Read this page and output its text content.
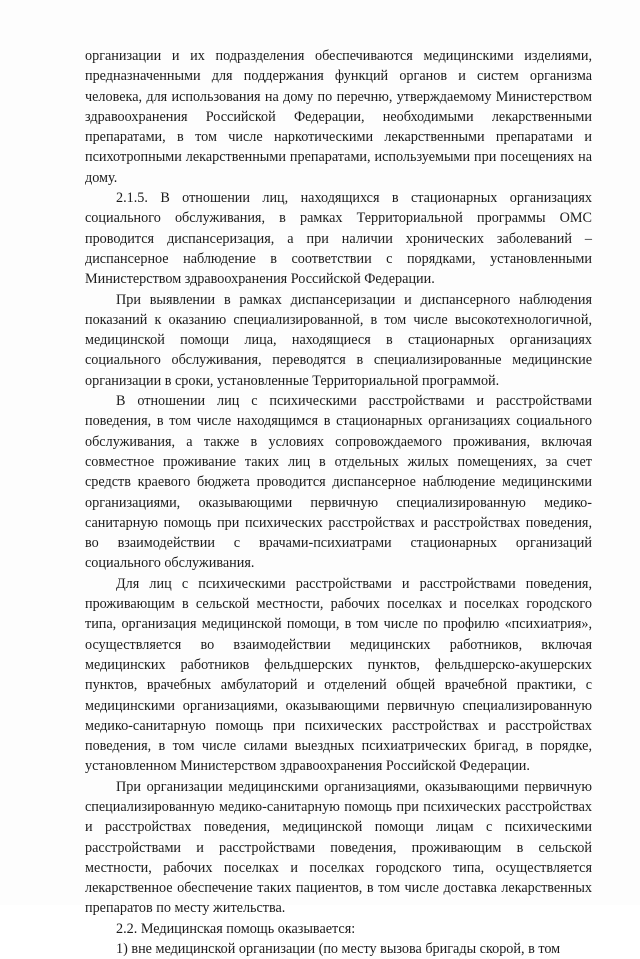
организации и их подразделения обеспечиваются медицинскими изделиями, предназначенными для поддержания функций органов и систем организма человека, для использования на дому по перечню, утверждаемому Министерством здравоохранения Российской Федерации, необходимыми лекарственными препаратами, в том числе наркотическими лекарственными препаратами и психотропными лекарственными препаратами, используемыми при посещениях на дому.

2.1.5. В отношении лиц, находящихся в стационарных организациях социального обслуживания, в рамках Территориальной программы ОМС проводится диспансеризация, а при наличии хронических заболеваний – диспансерное наблюдение в соответствии с порядками, установленными Министерством здравоохранения Российской Федерации.

При выявлении в рамках диспансеризации и диспансерного наблюдения показаний к оказанию специализированной, в том числе высокотехнологичной, медицинской помощи лица, находящиеся в стационарных организациях социального обслуживания, переводятся в специализированные медицинские организации в сроки, установленные Территориальной программой.

В отношении лиц с психическими расстройствами и расстройствами поведения, в том числе находящимся в стационарных организациях социального обслуживания, а также в условиях сопровождаемого проживания, включая совместное проживание таких лиц в отдельных жилых помещениях, за счет средств краевого бюджета проводится диспансерное наблюдение медицинскими организациями, оказывающими первичную специализированную медико-санитарную помощь при психических расстройствах и расстройствах поведения, во взаимодействии с врачами-психиатрами стационарных организаций социального обслуживания.

Для лиц с психическими расстройствами и расстройствами поведения, проживающим в сельской местности, рабочих поселках и поселках городского типа, организация медицинской помощи, в том числе по профилю «психиатрия», осуществляется во взаимодействии медицинских работников, включая медицинских работников фельдшерских пунктов, фельдшерско-акушерских пунктов, врачебных амбулаторий и отделений общей врачебной практики, с медицинскими организациями, оказывающими первичную специализированную медико-санитарную помощь при психических расстройствах и расстройствах поведения, в том числе силами выездных психиатрических бригад, в порядке, установленном Министерством здравоохранения Российской Федерации.

При организации медицинскими организациями, оказывающими первичную специализированную медико-санитарную помощь при психических расстройствах и расстройствах поведения, медицинской помощи лицам с психическими расстройствами и расстройствами поведения, проживающим в сельской местности, рабочих поселках и поселках городского типа, осуществляется лекарственное обеспечение таких пациентов, в том числе доставка лекарственных препаратов по месту жительства.

2.2. Медицинская помощь оказывается:

1) вне медицинской организации (по месту вызова бригады скорой, в том
